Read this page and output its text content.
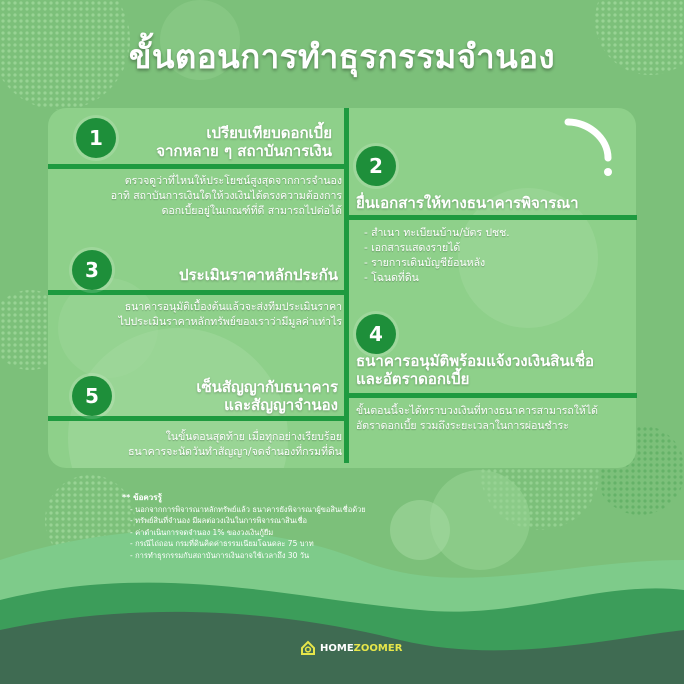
ขั้นตอนการทำธุรกรรมจำนอง
1	เปรียบเทียบดอกเบี้ย
จากหลาย ๆ สถาบันการเงิน
ตรวจดูว่าที่ไหนให้ประโยชน์สูงสุดจากการจำนอง
อาทิ สถาบันการเงินใดให้วงเงินได้ตรงความต้องการ
ดอกเบี้ยอยู่ในเกณฑ์ที่ดี สามารถไปต่อได้
3	ประเมินราคาหลักประกัน
ธนาคารอนุมัติเบื้องต้นแล้วจะส่งทีมประเมินราคา
ไปประเมินราคาหลักทรัพย์ของเราว่ามีมูลค่าเท่าไร
5	เซ็นสัญญากับธนาคาร
และสัญญาจำนอง
ในขั้นตอนสุดท้าย เมื่อทุกอย่างเรียบร้อย
ธนาคารจะนัดวันทำสัญญา/จดจำนองที่กรมที่ดิน
2
ยื่นเอกสารให้ทางธนาคารพิจารณา
- สำเนา ทะเบียนบ้าน/บัตร ปชช.
- เอกสารแสดงรายได้
- รายการเดินบัญชีย้อนหลัง
- โฉนดที่ดิน
4
ธนาคารอนุมัติพร้อมแจ้งวงเงินสินเชื่อ
และอัตราดอกเบี้ย
ขั้นตอนนี้จะได้ทราบวงเงินที่ทางธนาคารสามารถให้ได้
อัตราดอกเบี้ย รวมถึงระยะเวลาในการผ่อนชำระ
** ข้อควรรู้
- นอกจากการพิจารณาหลักทรัพย์แล้ว ธนาคารยังพิจารณาผู้ขอสินเชื่อด้วย
- ทรัพย์สินที่จำนอง มีผลต่อวงเงินในการพิจารณาสินเชื่อ
- ค่าดำเนินการจดจำนอง 1% ของวงเงินกู้ยืม
- กรณีไถ่ถอน กรมที่ดินคิดค่าธรรมเนียมโฉนดละ 75 บาท
- การทำธุรกรรมกับสถาบันการเงินอาจใช้เวลาถึง 30 วัน
HOME ZOOMER
